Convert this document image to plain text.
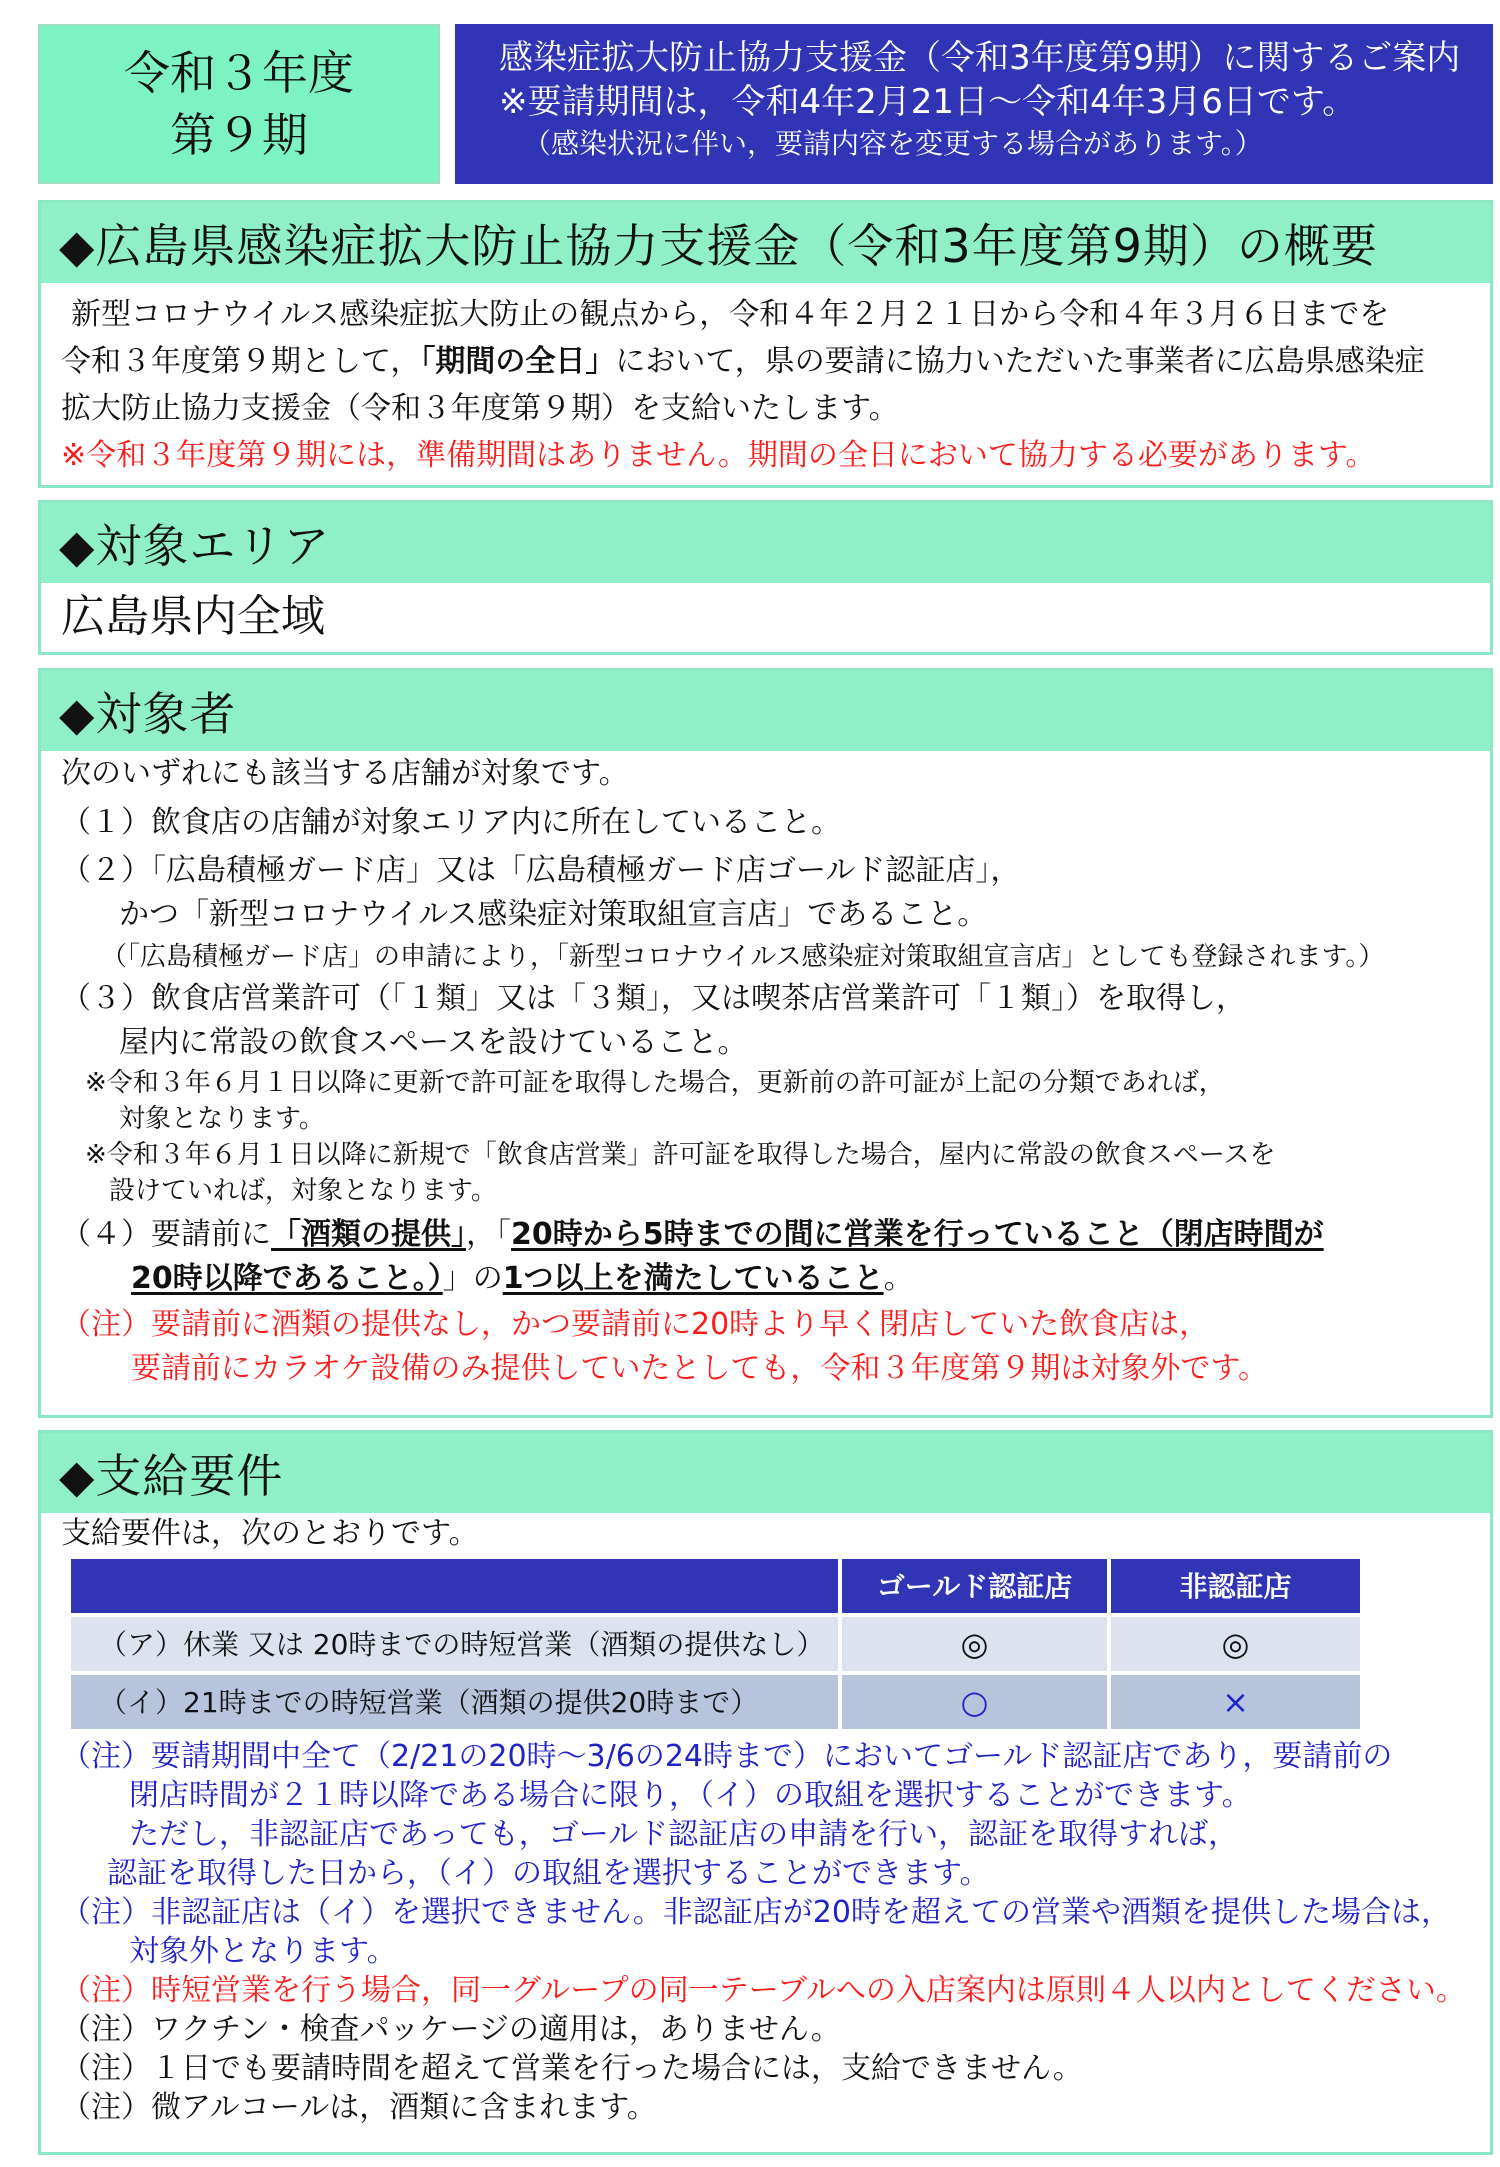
令和３年度
第９期
感染症拡大防止協力支援金（令和3年度第9期）に関するご案内
※要請期間は，令和4年2月21日～令和4年3月6日です。
（感染状況に伴い，要請内容を変更する場合があります。）
◆広島県感染症拡大防止協力支援金（令和3年度第9期）の概要
新型コロナウイルス感染症拡大防止の観点から，令和４年２月２１日から令和４年３月６日までを
令和３年度第９期として，「期間の全日」において，県の要請に協力いただいた事業者に広島県感染症
拡大防止協力支援金（令和３年度第９期）を支給いたします。
※令和３年度第９期には，準備期間はありません。期間の全日において協力する必要があります。
◆対象エリア
広島県内全域
◆対象者
次のいずれにも該当する店舗が対象です。
（１）飲食店の店舗が対象エリア内に所在していること。
（２）「広島積極ガード店」又は「広島積極ガード店ゴールド認証店」，
かつ「新型コロナウイルス感染症対策取組宣言店」であること。
（「広島積極ガード店」の申請により，「新型コロナウイルス感染症対策取組宣言店」としても登録されます。）
（３）飲食店営業許可（「１類」又は「３類」，又は喫茶店営業許可「１類」）を取得し，
屋内に常設の飲食スペースを設けていること。
※令和３年６月１日以降に更新で許可証を取得した場合，更新前の許可証が上記の分類であれば，
対象となります。
※令和３年６月１日以降に新規で「飲食店営業」許可証を取得した場合，屋内に常設の飲食スペースを
設けていれば，対象となります。
（４）要請前に「酒類の提供」，「20時から5時までの間に営業を行っていること（閉店時間が
20時以降であること。）」の1つ以上を満たしていること。
（注）要請前に酒類の提供なし，かつ要請前に20時より早く閉店していた飲食店は，
要請前にカラオケ設備のみ提供していたとしても，令和３年度第９期は対象外です。
◆支給要件
支給要件は，次のとおりです。
	ゴールド認証店	非認証店
（ア）休業 又は 20時までの時短営業（酒類の提供なし）	◎	◎
（イ）21時までの時短営業（酒類の提供20時まで）	○	×
（注）要請期間中全て（2/21の20時～3/6の24時まで）においてゴールド認証店であり，要請前の
閉店時間が２１時以降である場合に限り，（イ）の取組を選択することができます。
ただし，非認証店であっても，ゴールド認証店の申請を行い，認証を取得すれば，
認証を取得した日から，（イ）の取組を選択することができます。
（注）非認証店は（イ）を選択できません。非認証店が20時を超えての営業や酒類を提供した場合は，
対象外となります。
（注）時短営業を行う場合，同一グループの同一テーブルへの入店案内は原則４人以内としてください。
（注）ワクチン・検査パッケージの適用は，ありません。
（注）１日でも要請時間を超えて営業を行った場合には，支給できません。
（注）微アルコールは，酒類に含まれます。
